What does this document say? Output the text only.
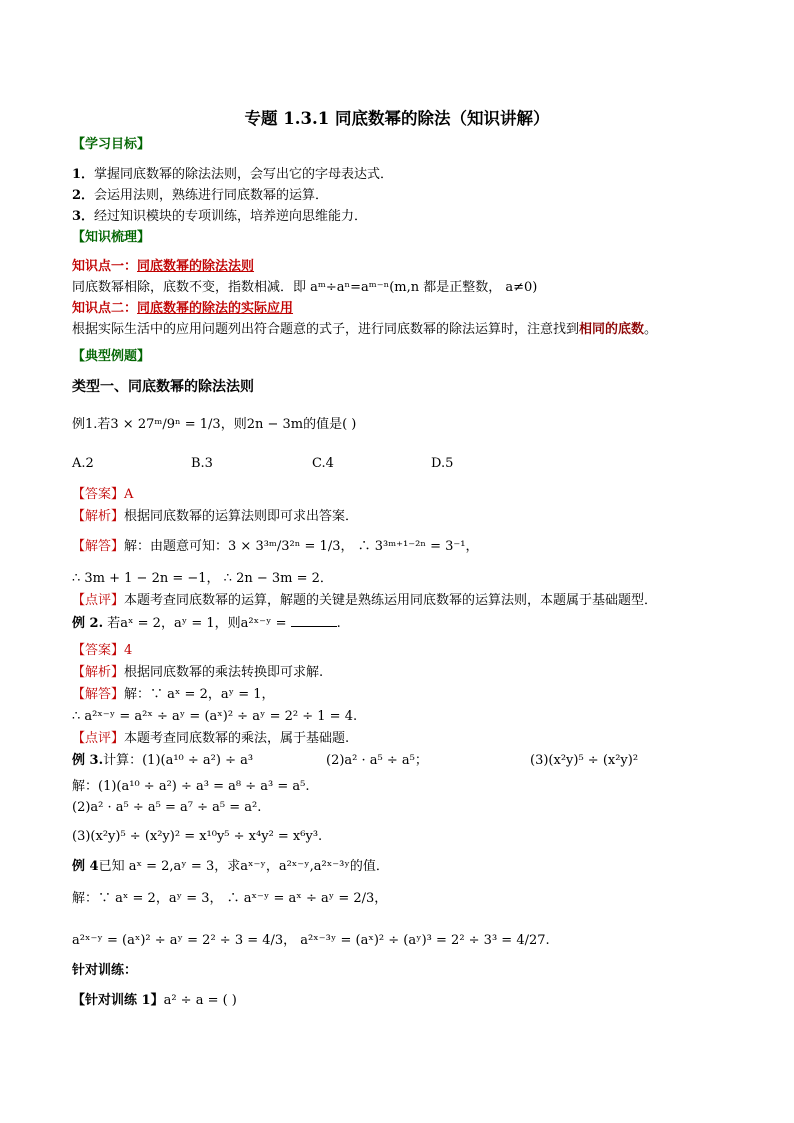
专题 1.3.1 同底数幂的除法（知识讲解）
【学习目标】
1．掌握同底数幂的除法法则，会写出它的字母表达式．
2．会运用法则，熟练进行同底数幂的运算．
3．经过知识模块的专项训练，培养逆向思维能力．
【知识梳理】
知识点一：同底数幂的除法法则
同底数幂相除，底数不变，指数相减．即 aᵐ÷aⁿ=aᵐ⁻ⁿ(m,n 都是正整数， a≠0)
知识点二：同底数幂的除法的实际应用
根据实际生活中的应用问题列出符合题意的式子，进行同底数幂的除法运算时，注意找到相同的底数。
【典型例题】
类型一、同底数幂的除法法则
例1.若3 × 27ᵐ/9ⁿ = 1/3，则2n − 3m的值是( )
A.2	B.3	C.4	D.5
【答案】A
【解析】根据同底数幂的运算法则即可求出答案．
【解答】解：由题意可知：3 × 3³ᵐ/3²ⁿ = 1/3， ∴ 3³ᵐ⁺¹⁻²ⁿ = 3⁻¹，
∴ 3m + 1 − 2n = −1， ∴ 2n − 3m = 2．
【点评】本题考查同底数幂的运算，解题的关键是熟练运用同底数幂的运算法则，本题属于基础题型．
例 2. 若aˣ = 2，aʸ = 1，则a²ˣ⁻ʸ =	.
【答案】4
【解析】根据同底数幂的乘法转换即可求解.
【解答】解：∵ aˣ = 2，aʸ = 1，
∴ a²ˣ⁻ʸ = a²ˣ ÷ aʸ = (aˣ)² ÷ aʸ = 2² ÷ 1 = 4.
【点评】本题考查同底数幂的乘法，属于基础题.
例 3.计算：(1)(a¹⁰ ÷ a²) ÷ a³	(2)a² · a⁵ ÷ a⁵；	(3)(x²y)⁵ ÷ (x²y)²
解：(1)(a¹⁰ ÷ a²) ÷ a³ = a⁸ ÷ a³ = a⁵.
(2)a² · a⁵ ÷ a⁵ = a⁷ ÷ a⁵ = a².
(3)(x²y)⁵ ÷ (x²y)² = x¹⁰y⁵ ÷ x⁴y² = x⁶y³.
例 4已知 aˣ = 2,aʸ = 3，求aˣ⁻ʸ，a²ˣ⁻ʸ,a²ˣ⁻³ʸ的值．
解：∵ aˣ = 2，aʸ = 3， ∴ aˣ⁻ʸ = aˣ ÷ aʸ = 2/3，
a²ˣ⁻ʸ = (aˣ)² ÷ aʸ = 2² ÷ 3 = 4/3， a²ˣ⁻³ʸ = (aˣ)² ÷ (aʸ)³ = 2² ÷ 3³ = 4/27.
针对训练：
【针对训练 1】a² ÷ a = ( )
